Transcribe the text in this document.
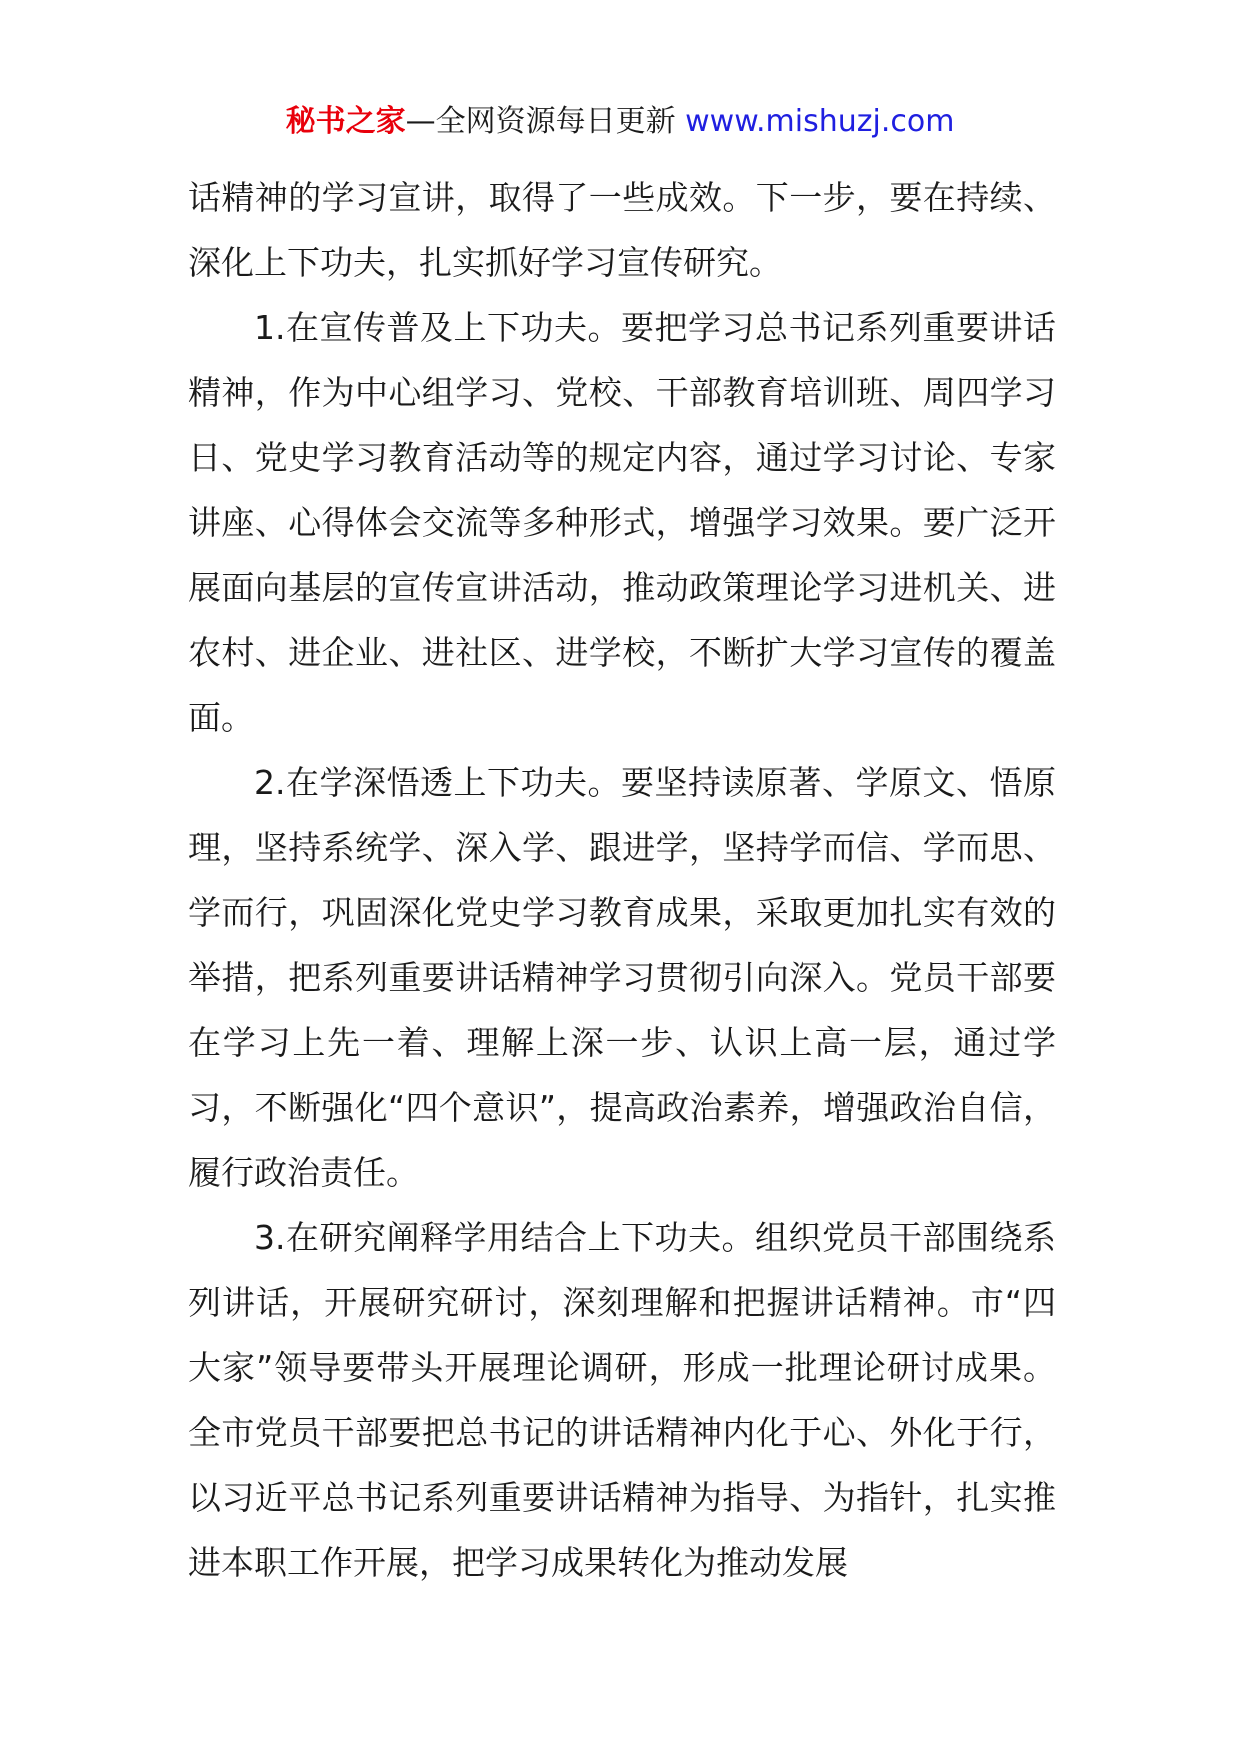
秘书之家—全网资源每日更新 www.mishuzj.com

话精神的学习宣讲，取得了一些成效。下一步，要在持续、深化上下功夫，扎实抓好学习宣传研究。

1.在宣传普及上下功夫。要把学习总书记系列重要讲话精神，作为中心组学习、党校、干部教育培训班、周四学习日、党史学习教育活动等的规定内容，通过学习讨论、专家讲座、心得体会交流等多种形式，增强学习效果。要广泛开展面向基层的宣传宣讲活动，推动政策理论学习进机关、进农村、进企业、进社区、进学校，不断扩大学习宣传的覆盖面。

2.在学深悟透上下功夫。要坚持读原著、学原文、悟原理，坚持系统学、深入学、跟进学，坚持学而信、学而思、学而行，巩固深化党史学习教育成果，采取更加扎实有效的举措，把系列重要讲话精神学习贯彻引向深入。党员干部要在学习上先一着、理解上深一步、认识上高一层，通过学习，不断强化“四个意识”，提高政治素养，增强政治自信，履行政治责任。

3.在研究阐释学用结合上下功夫。组织党员干部围绕系列讲话，开展研究研讨，深刻理解和把握讲话精神。市“四大家”领导要带头开展理论调研，形成一批理论研讨成果。全市党员干部要把总书记的讲话精神内化于心、外化于行，以习近平总书记系列重要讲话精神为指导、为指针，扎实推进本职工作开展，把学习成果转化为推动发展
